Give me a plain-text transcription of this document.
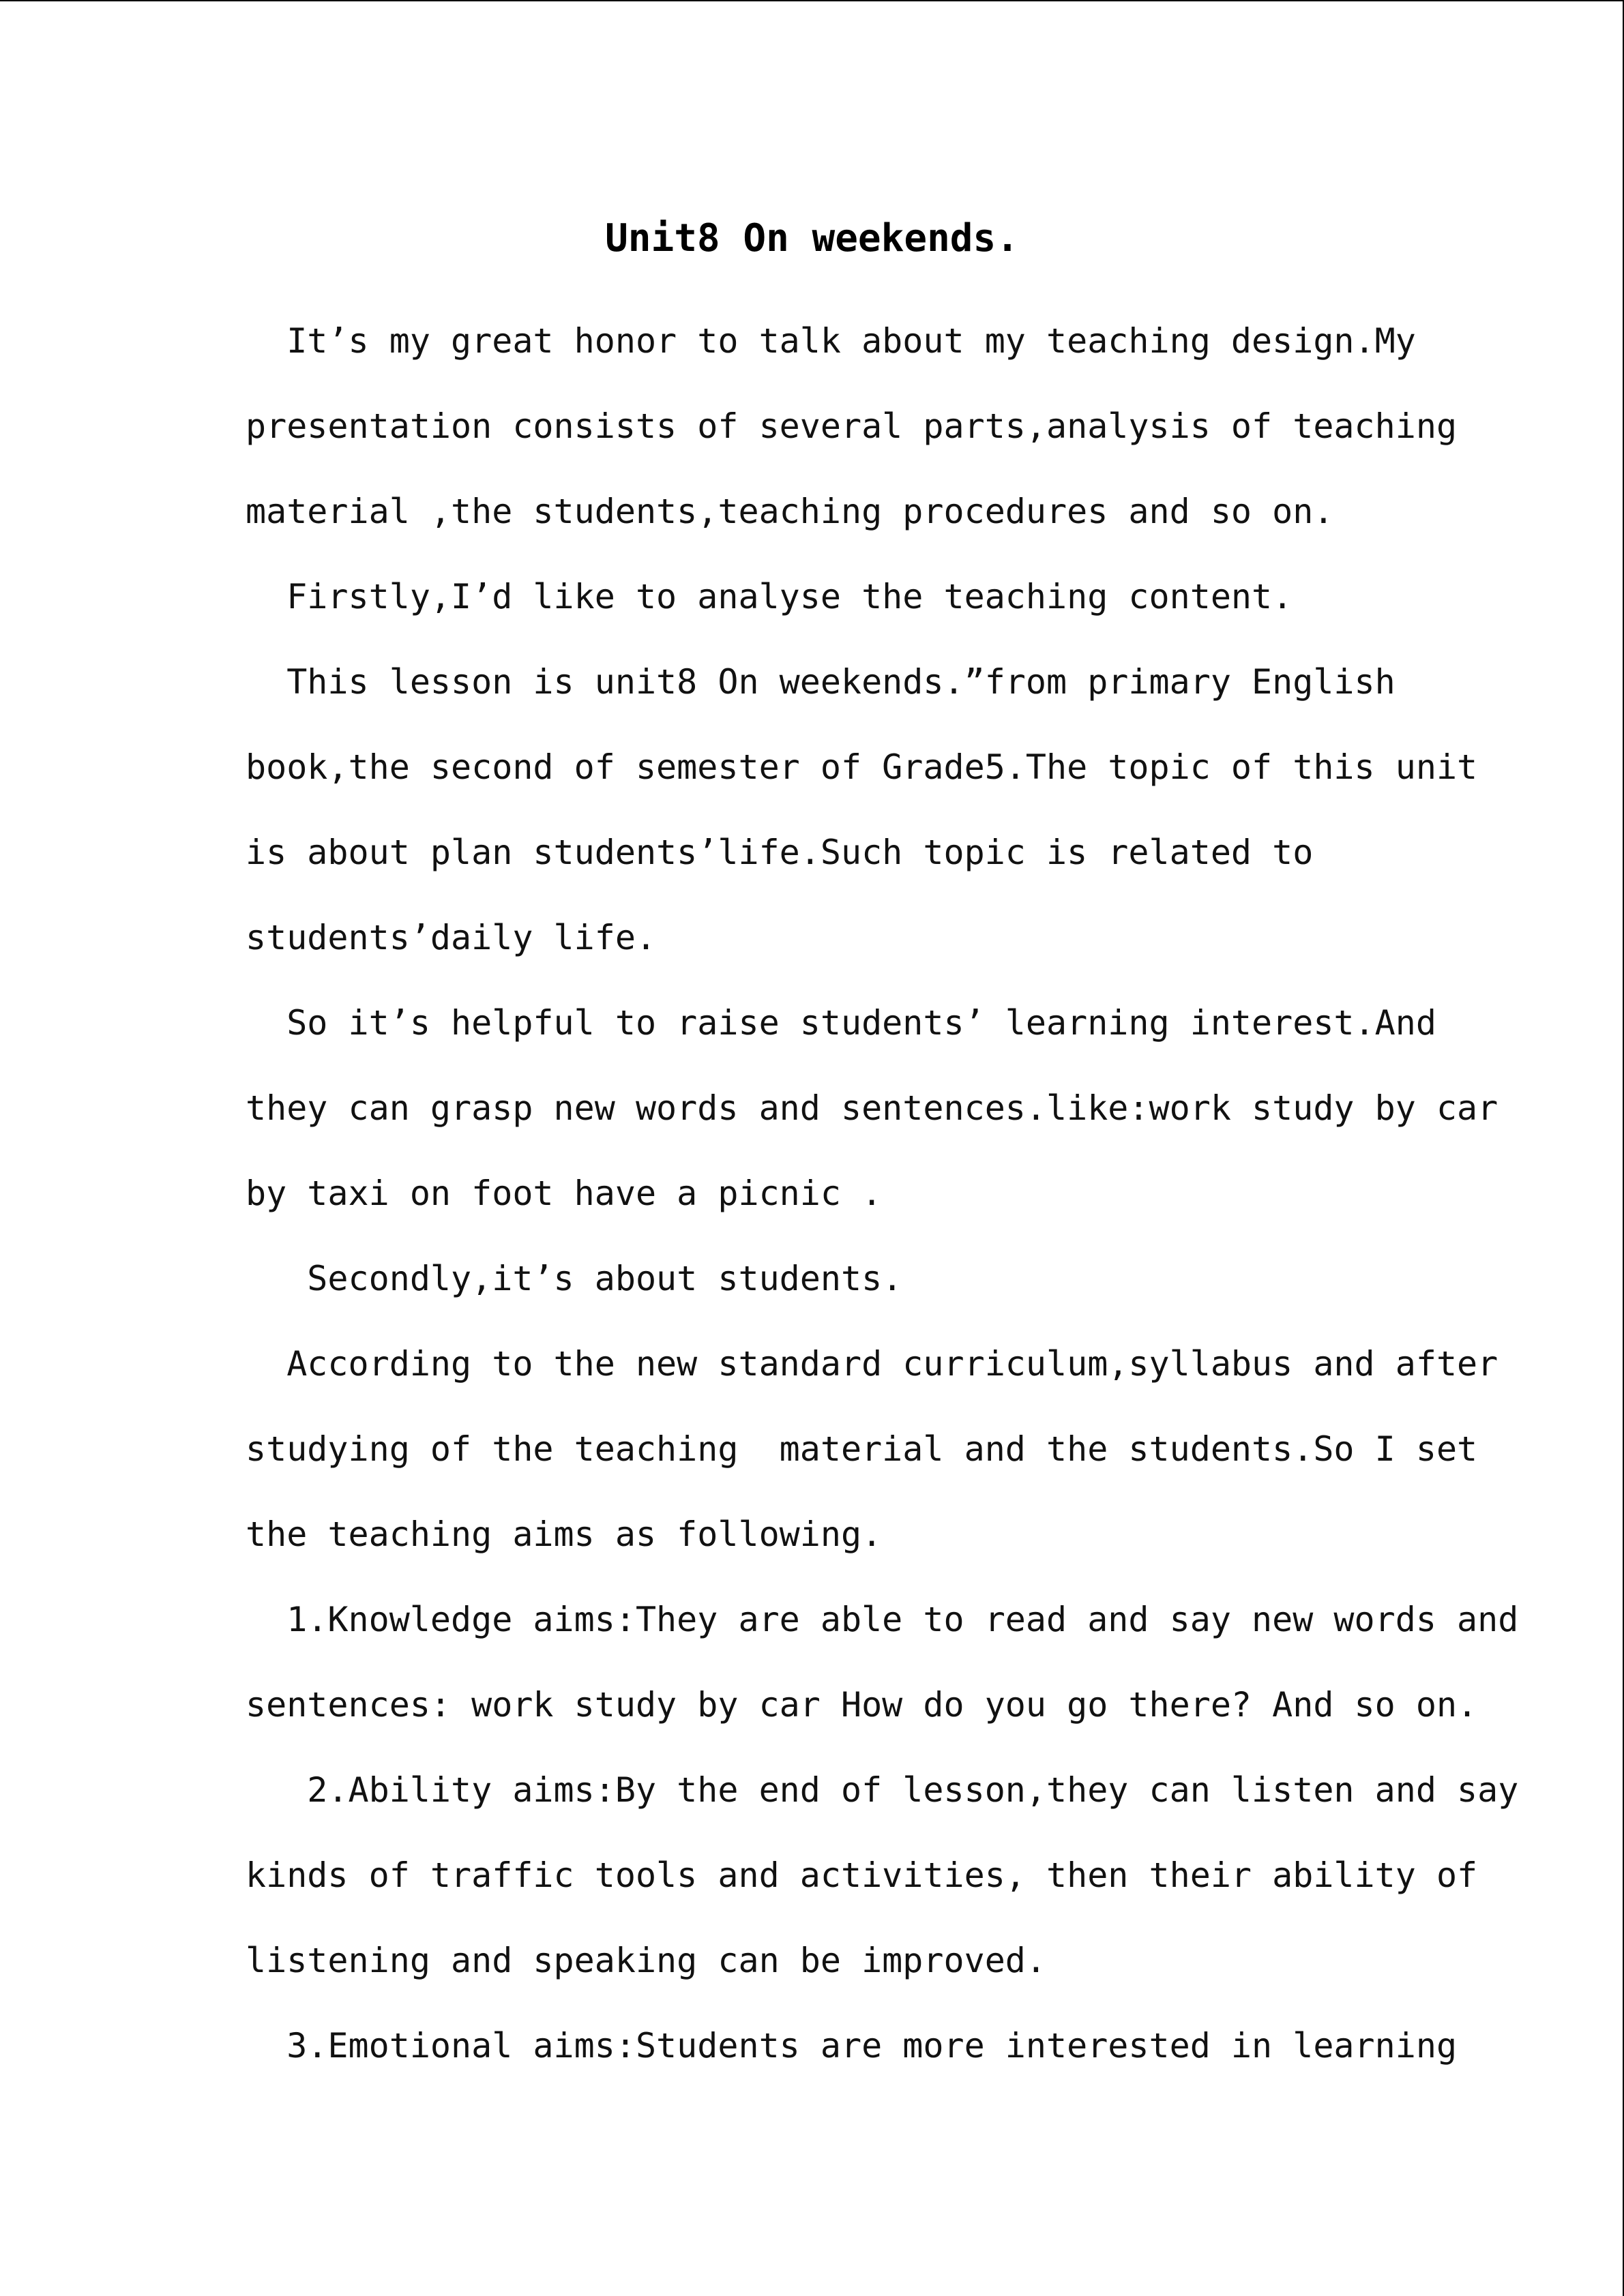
Unit8 On weekends.
It’s my great honor to talk about my teaching design.My
presentation consists of several parts,analysis of teaching
material ,the students,teaching procedures and so on.
Firstly,I’d like to analyse the teaching content.
This lesson is unit8 On weekends.”from primary English
book,the second of semester of Grade5.The topic of this unit
is about plan students’life.Such topic is related to
students’daily life.
So it’s helpful to raise students’ learning interest.And
they can grasp new words and sentences.like:work study by car
by taxi on foot have a picnic .
Secondly,it’s about students.
According to the new standard curriculum,syllabus and after
studying of the teaching  material and the students.So I set
the teaching aims as following.
1.Knowledge aims:They are able to read and say new words and
sentences: work study by car How do you go there? And so on.
2.Ability aims:By the end of lesson,they can listen and say
kinds of traffic tools and activities, then their ability of
listening and speaking can be improved.
3.Emotional aims:Students are more interested in learning
